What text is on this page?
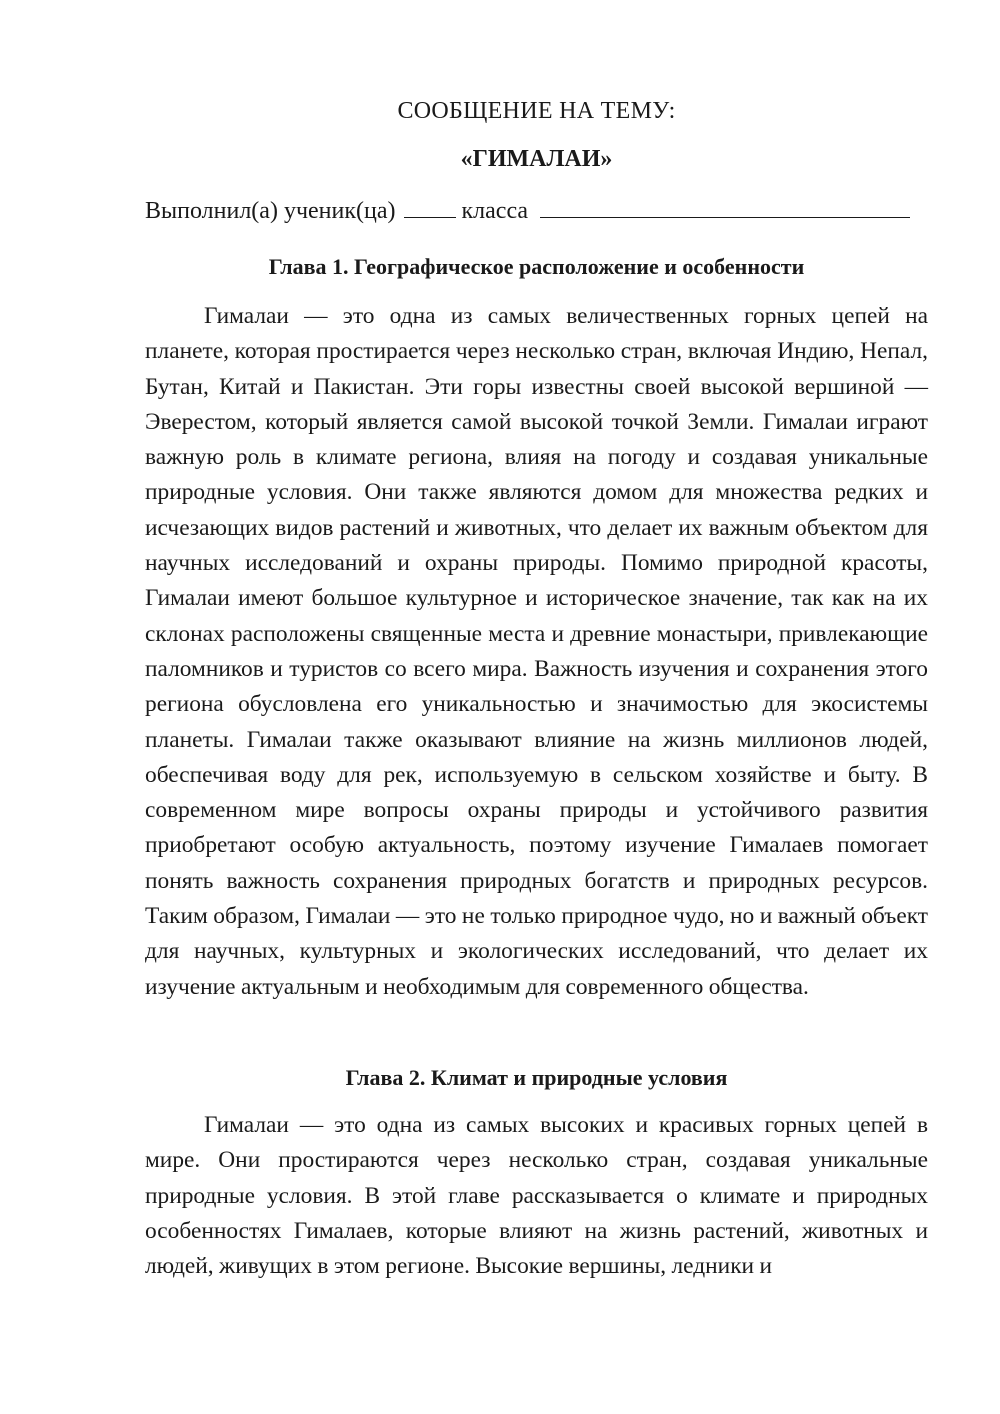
СООБЩЕНИЕ НА ТЕМУ:
«ГИМАЛАИ»
Выполнил(а) ученик(ца)	класса
Глава 1. Географическое расположение и особенности
Гималаи — это одна из самых величественных горных цепей на планете, которая простирается через несколько стран, включая Индию, Непал, Бутан, Китай и Пакистан. Эти горы известны своей высокой вершиной — Эверестом, который является самой высокой точкой Земли. Гималаи играют важную роль в климате региона, влияя на погоду и создавая уникальные природные условия. Они также являются домом для множества редких и исчезающих видов растений и животных, что делает их важным объектом для научных исследований и охраны природы. Помимо природной красоты, Гималаи имеют большое культурное и историческое значение, так как на их склонах расположены священные места и древние монастыри, привлекающие паломников и туристов со всего мира. Важность изучения и сохранения этого региона обусловлена его уникальностью и значимостью для экосистемы планеты. Гималаи также оказывают влияние на жизнь миллионов людей, обеспечивая воду для рек, используемую в сельском хозяйстве и быту. В современном мире вопросы охраны природы и устойчивого развития приобретают особую актуальность, поэтому изучение Гималаев помогает понять важность сохранения природных богатств и природных ресурсов. Таким образом, Гималаи — это не только природное чудо, но и важный объект для научных, культурных и экологических исследований, что делает их изучение актуальным и необходимым для современного общества.
Глава 2. Климат и природные условия
Гималаи — это одна из самых высоких и красивых горных цепей в мире. Они простираются через несколько стран, создавая уникальные природные условия. В этой главе рассказывается о климате и природных особенностях Гималаев, которые влияют на жизнь растений, животных и людей, живущих в этом регионе. Высокие вершины, ледники и
